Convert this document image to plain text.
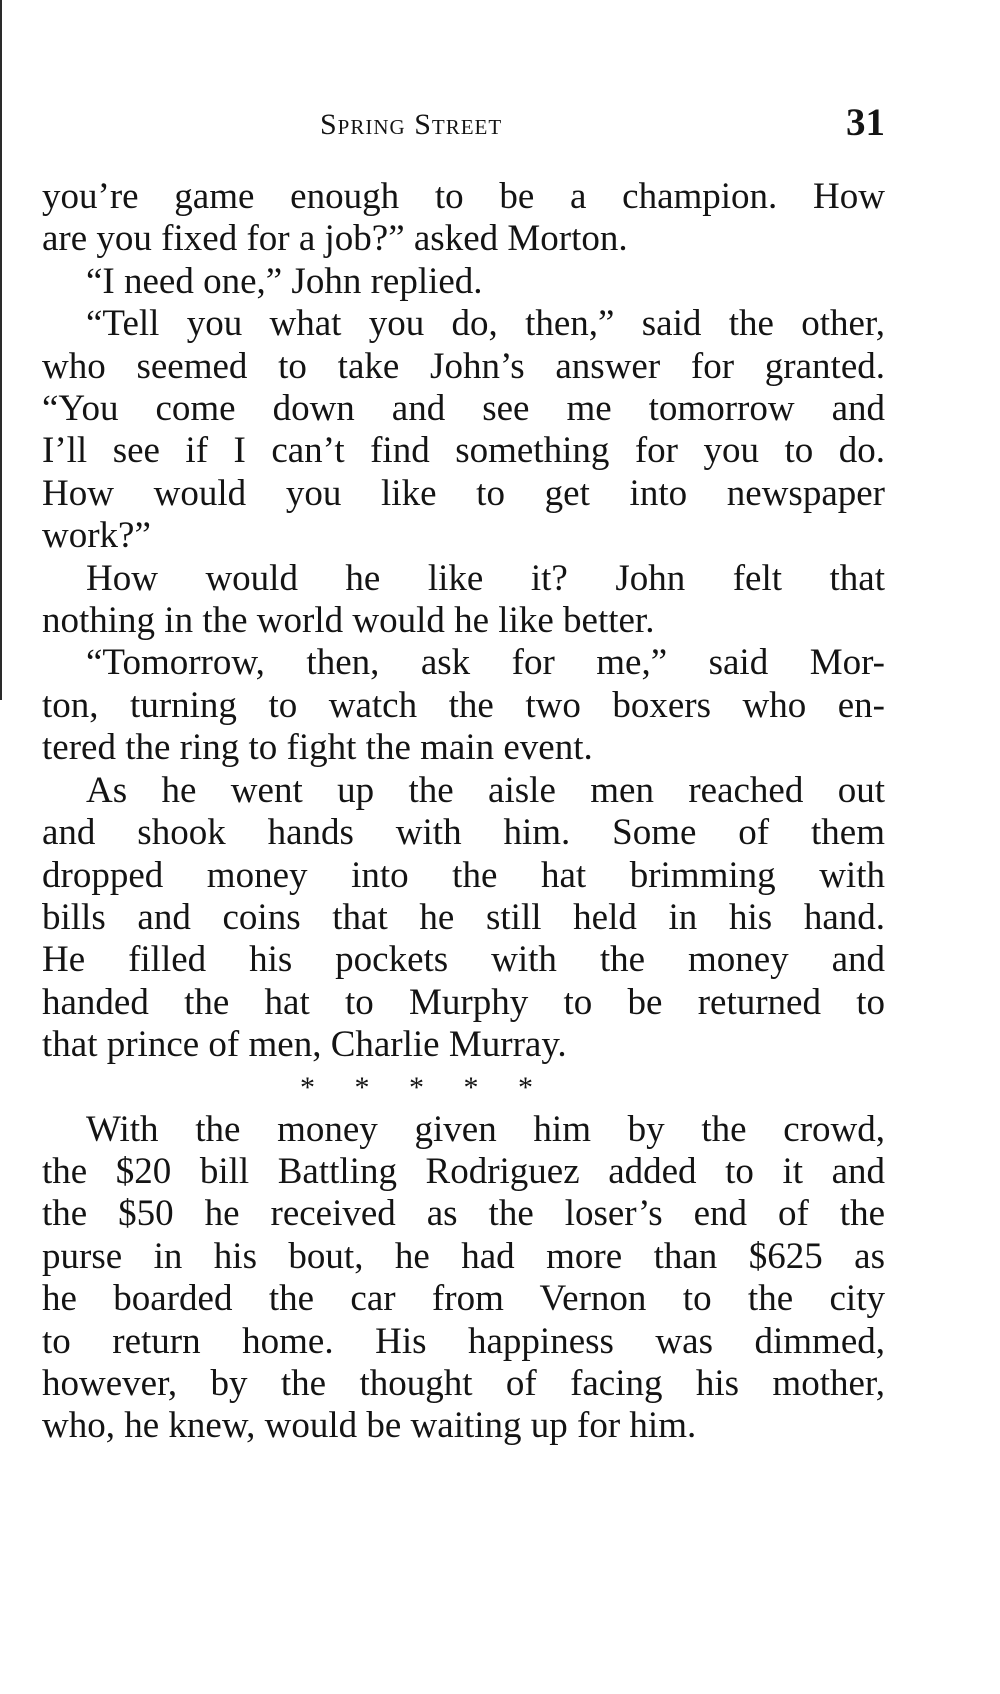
Spring Street	31

you’re game enough to be a champion. How
are you fixed for a job?” asked Morton.

“I need one,” John replied.

“Tell you what you do, then,” said the other,
who seemed to take John’s answer for granted.
“You come down and see me tomorrow and
I’ll see if I can’t find something for you to do.
How would you like to get into newspaper
work?”

How would he like it? John felt that
nothing in the world would he like better.

“Tomorrow, then, ask for me,” said Mor-
ton, turning to watch the two boxers who en-
tered the ring to fight the main event.

As he went up the aisle men reached out
and shook hands with him. Some of them
dropped money into the hat brimming with
bills and coins that he still held in his hand.
He filled his pockets with the money and
handed the hat to Murphy to be returned to
that prince of men, Charlie Murray.

* * * * *

With the money given him by the crowd,
the $20 bill Battling Rodriguez added to it and
the $50 he received as the loser’s end of the
purse in his bout, he had more than $625 as
he boarded the car from Vernon to the city
to return home. His happiness was dimmed,
however, by the thought of facing his mother,
who, he knew, would be waiting up for him.
